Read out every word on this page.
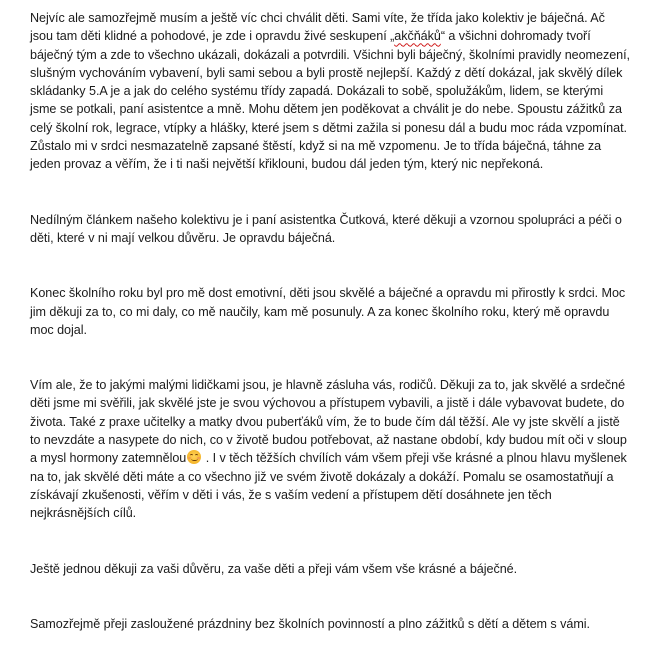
Nejvíc ale samozřejmě musím a ještě víc chci chválit děti. Sami víte, že třída jako kolektiv je báječná. Ač jsou tam děti klidné a pohodové, je zde i opravdu živé seskupení „akčňáků“ a všichni dohromady tvoří báječný tým a zde to všechno ukázali, dokázali a potvrdili. Všichni byli báječný, školními pravidly neomezení, slušným vychováním vybavení, byli sami sebou a byli prostě nejlepší. Každý z dětí dokázal, jak skvělý dílek skládanky 5.A je a jak do celého systému třídy zapadá. Dokázali to sobě, spolužákům, lidem, se kterými jsme se potkali, paní asistentce a mně. Mohu dětem jen poděkovat a chválit je do nebe. Spoustu zážitků za celý školní rok, legrace, vtípky a hlášky, které jsem s dětmi zažila si ponesu dál a budu moc ráda vzpomínat. Zůstalo mi v srdci nesmazatelně zapsané štěstí, když si na mě vzpomenu. Je to třída báječná, táhne za jeden provaz a věřím, že i ti naši největší křiklouni, budou dál jeden tým, který nic nepřekoná.

Nedílným článkem našeho kolektivu je i paní asistentka Čutková, které děkuji a vzornou spolupráci a péči o děti, které v ni mají velkou důvěru. Je opravdu báječná.

Konec školního roku byl pro mě dost emotivní, děti jsou skvělé a báječné a opravdu mi přirostly k srdci. Moc jim děkuji za to, co mi daly, co mě naučily, kam mě posunuly. A za konec školního roku, který mě opravdu moc dojal.

Vím ale, že to jakými malými lidičkami jsou, je hlavně zásluha vás, rodičů. Děkuji za to, jak skvělé a srdečné děti jsme mi svěřili, jak skvělé jste je svou výchovou a přístupem vybavili, a jistě i dále vybavovat budete, do života. Také z praxe učitelky a matky dvou puberťáků vím, že to bude čím dál těžší. Ale vy jste skvělí a jistě to nevzdáte a nasypete do nich, co v životě budou potřebovat, až nastane období, kdy budou mít oči v sloup a mysl hormony zatemnělou
. I v těch těžších chvílích vám všem přeji vše krásné a plnou hlavu myšlenek na to, jak skvělé děti máte a co všechno již ve svém životě dokázaly a dokáží. Pomalu se osamostatňují a získávají zkušenosti, věřím v děti i vás, že s vaším vedení a přístupem dětí dosáhnete jen těch nejkrásnějších cílů.

Ještě jednou děkuji za vaši důvěru, za vaše děti a přeji vám všem vše krásné a báječné.

Samozřejmě přeji zasloužené prázdniny bez školních povinností a plno zážitků s dětí a dětem s vámi.
